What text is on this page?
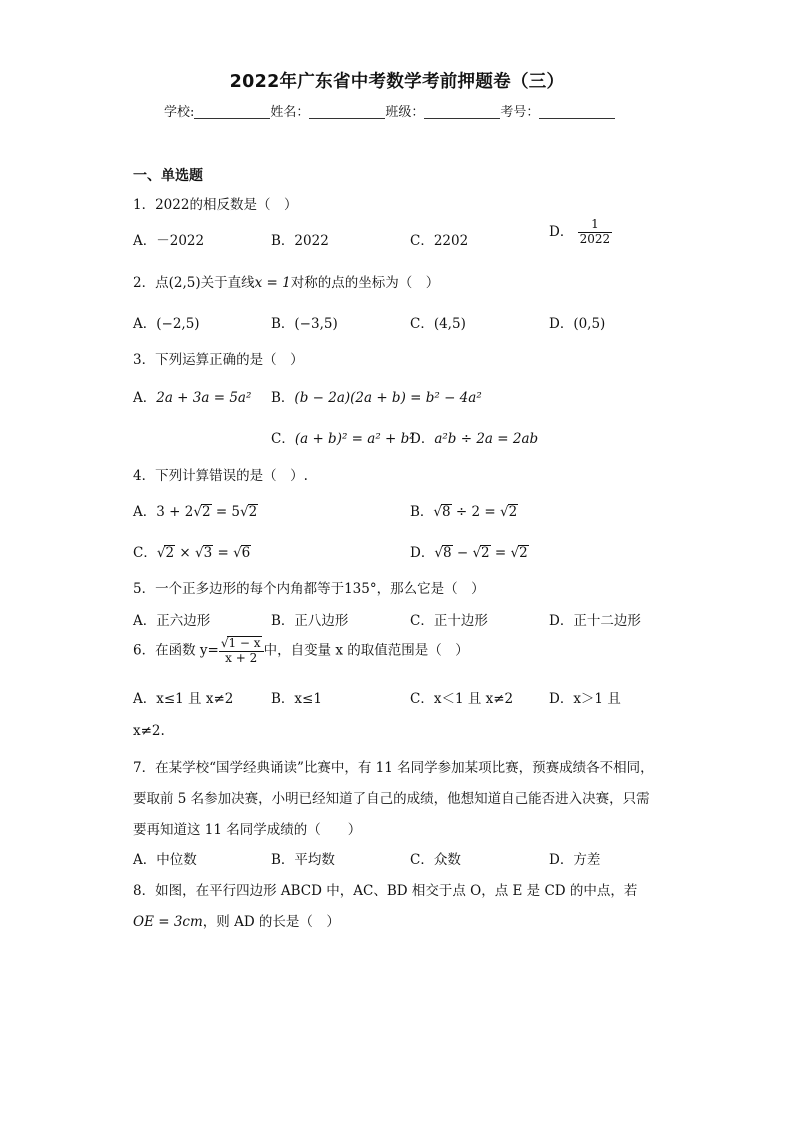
2022年广东省中考数学考前押题卷（三）
学校:	姓名：	班级：	考号：
一、单选题
1．2022的相反数是（　）
A．－2022	B．2022	C．2202
D． $\frac{1}{2022}$
2．点(2,5)关于直线x = 1对称的点的坐标为（　）
A．(−2,5)	B．(−3,5)	C．(4,5)	D．(0,5)
3．下列运算正确的是（　）
A．2a + 3a = 5a² B．(b − 2a)(2a + b) = b² − 4a²
C．(a + b)² = a² + b²
D．a²b ÷ 2a = 2ab
4．下列计算错误的是（　）.
A．3 + 2√2 = 5√2	B．√8 ÷ 2 = √2
C．√2 × √3 = √6	D．√8 − √2 = √2
5．一个正多边形的每个内角都等于135°，那么它是（　）
A．正六边形	B．正八边形	C．正十边形	D．正十二边形
6．在函数 $y= \frac{√1 - x}{x + 2}$ 中，自变量 x 的取值范围是（　）
A．x≤1 且 x≠2	B．x≤1	C．x＜1 且 x≠2	D．x＞1 且
x≠2.
7．在某学校“国学经典诵读”比赛中，有 11 名同学参加某项比赛，预赛成绩各不相同，
要取前 5 名参加决赛，小明已经知道了自己的成绩，他想知道自己能否进入决赛，只需
要再知道这 11 名同学成绩的（　　）
A．中位数	B．平均数	C．众数	D．方差
8．如图，在平行四边形 ABCD 中，AC、BD 相交于点 O，点 E 是 CD 的中点，若
OE = 3cm，则 AD 的长是（　）
